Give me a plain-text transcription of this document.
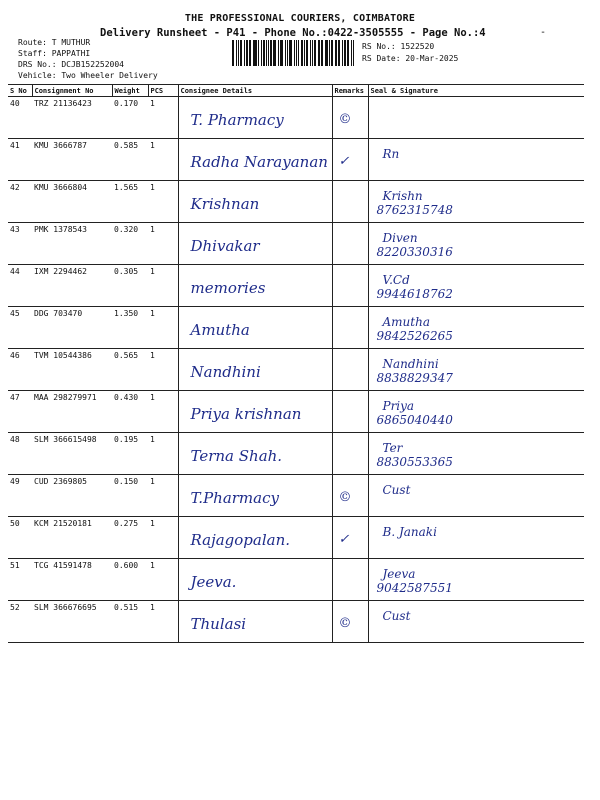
THE PROFESSIONAL COURIERS, COIMBATORE
Delivery Runsheet - P41 - Phone No.:0422-3505555 - Page No.:4	-
Route: T MUTHUR
Staff: PAPPATHI
DRS No.: DCJB152252004
Vehicle: Two Wheeler Delivery
RS No.: 1522520
RS Date: 20-Mar-2025
S No	Consignment No	Weight	PCS	Consignee Details	Remarks	Seal & Signature
40	TRZ 21136423	0.170	1	T. Pharmacy	©	

41	KMU 3666787	0.585	1	Radha Narayanan	✓	Rn

42	KMU 3666804	1.565	1	Krishnan		Krishn
8762315748

43	PMK 1378543	0.320	1	Dhivakar		Diven
8220330316

44	IXM 2294462	0.305	1	memories		V.Cd
9944618762

45	DDG 703470	1.350	1	Amutha		Amutha
9842526265

46	TVM 10544386	0.565	1	Nandhini		Nandhini
8838829347

47	MAA 298279971	0.430	1	Priya krishnan		Priya
6865040440

48	SLM 366615498	0.195	1	Terna Shah.		Ter
8830553365

49	CUD 2369805	0.150	1	T.Pharmacy	©	Cust

50	KCM 21520181	0.275	1	Rajagopalan.	✓	B. Janaki

51	TCG 41591478	0.600	1	Jeeva.		Jeeva
9042587551

52	SLM 366676695	0.515	1	Thulasi	©	Cust
